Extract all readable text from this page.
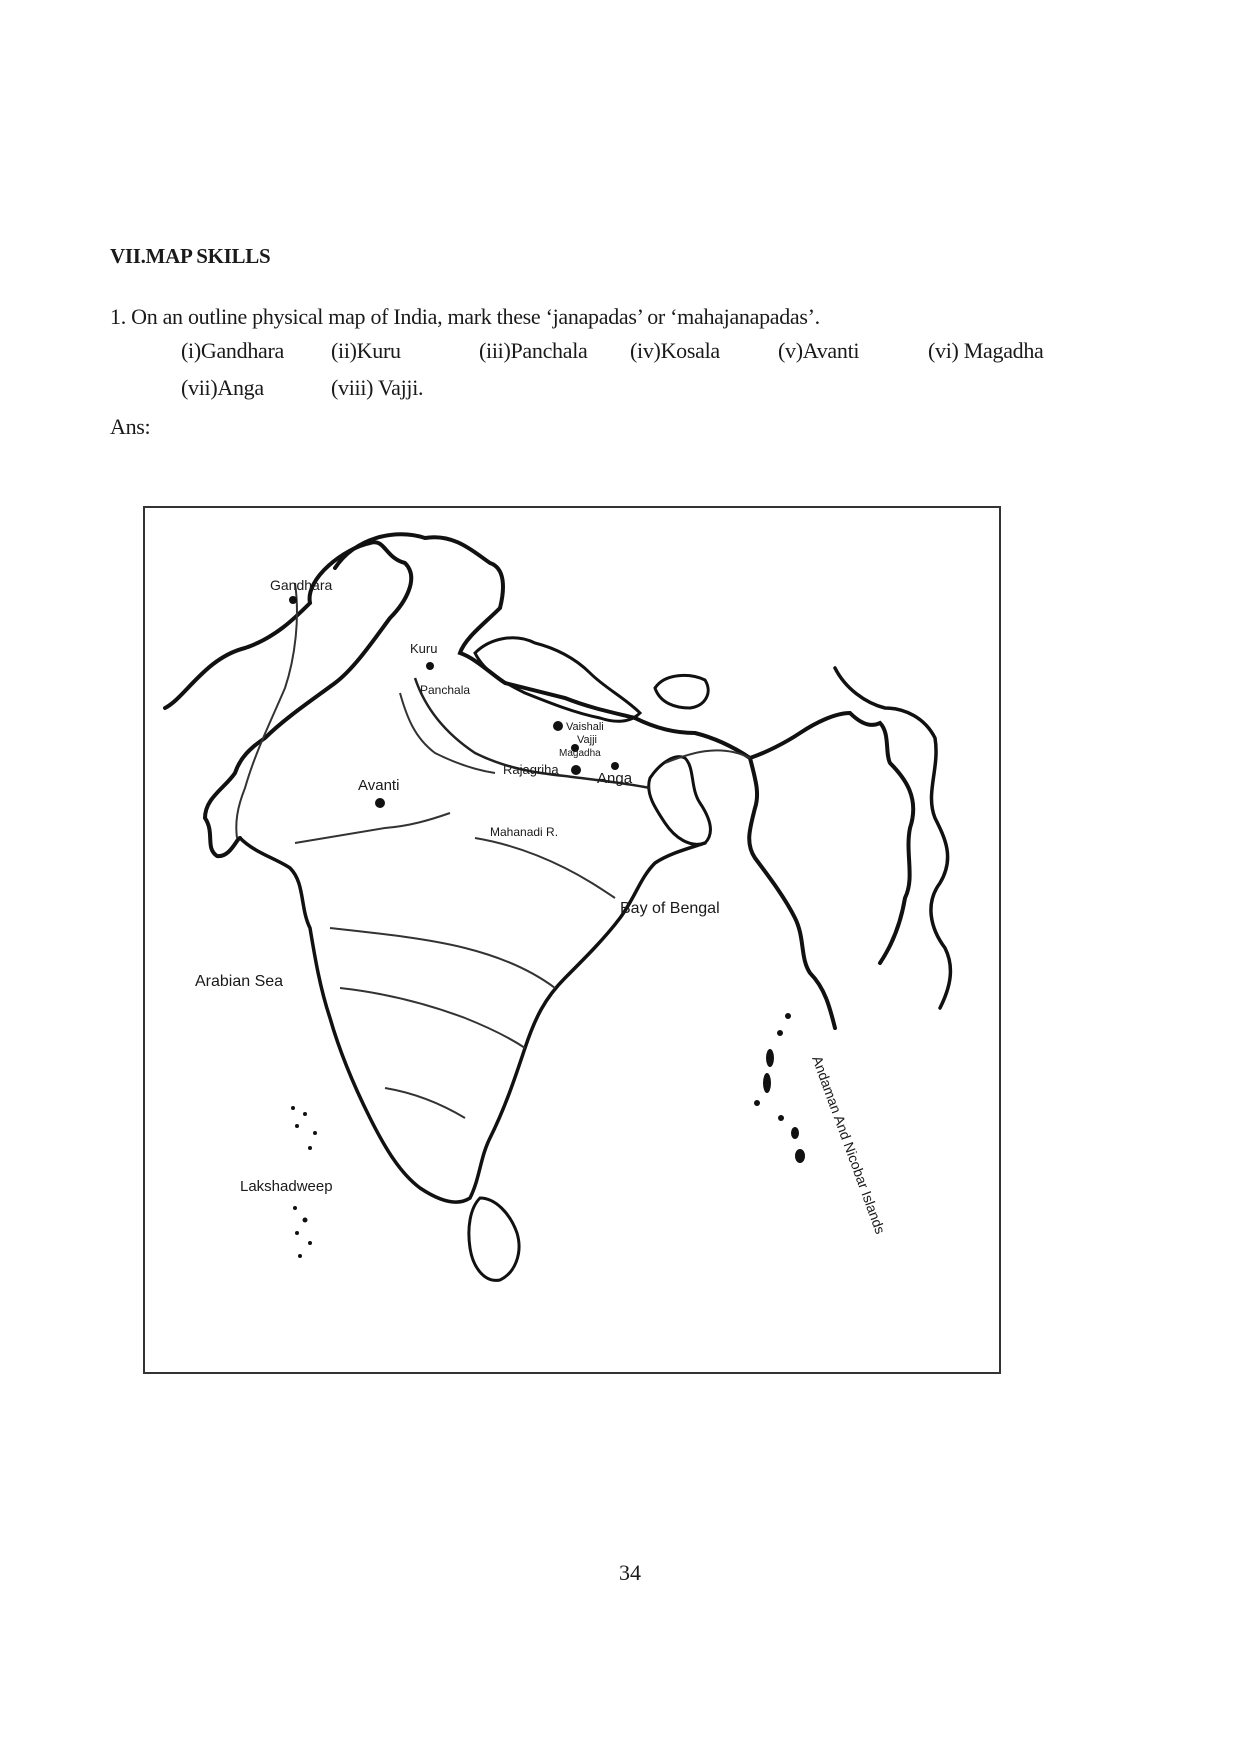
VII.MAP SKILLS
1. On an outline physical map of India, mark these ‘janapadas’ or ‘mahajanapadas’.
(i)Gandhara (ii)Kuru	(iii)Panchala (iv)Kosala	(v)Avanti	(vi) Magadha
(vii)Anga	(viii) Vajji.
Ans:
Gandhara
Kuru
Panchala
Vaishali
Vajji
Magadha
Rajagriha
Anga
Avanti
Mahanadi R.
Bay of Bengal
Arabian Sea
Lakshadweep	Andaman And Nicobar Islands
34
